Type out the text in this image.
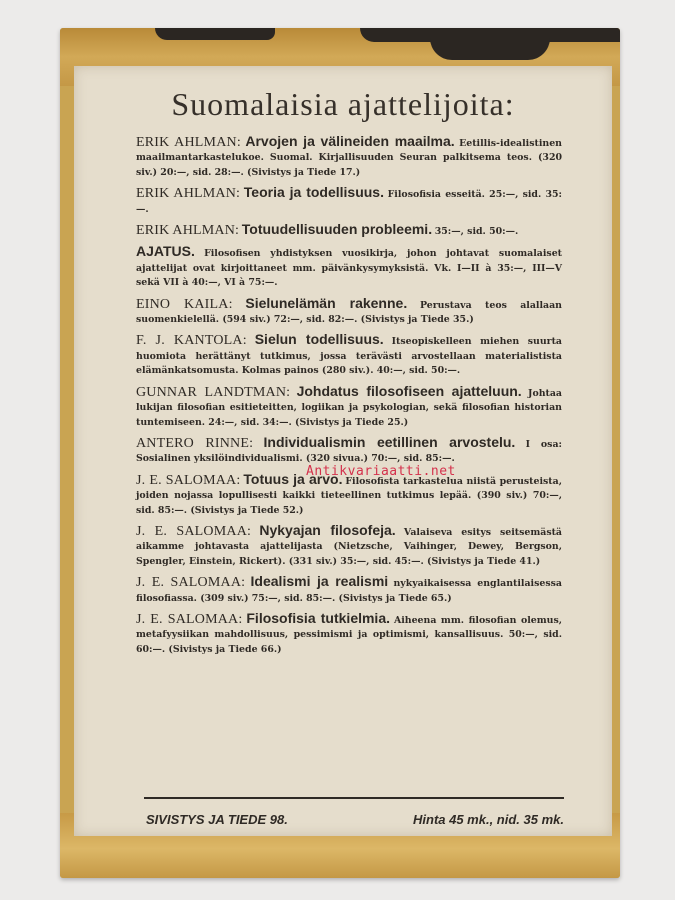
Suomalaisia ajattelijoita:
ERIK AHLMAN: Arvojen ja välineiden maailma. Eetillis-idealistinen maailmantarkastelukoe. Suomal. Kirjallisuuden Seuran palkitsema teos. (320 siv.) 20:—, sid. 28:—. (Sivistys ja Tiede 17.)
ERIK AHLMAN: Teoria ja todellisuus. Filosofisia esseitä. 25:—, sid. 35:—.
ERIK AHLMAN: Totuudellisuuden probleemi. 35:—, sid. 50:—.
AJATUS. Filosofisen yhdistyksen vuosikirja, johon johtavat suomalaiset ajattelijat ovat kirjoittaneet mm. päivänkysymyksistä. Vk. I—II à 35:—, III—V sekä VII à 40:—, VI à 75:—.
EINO KAILA: Sielunelämän rakenne. Perustava teos alallaan suomenkielellä. (594 siv.) 72:—, sid. 82:—. (Sivistys ja Tiede 35.)
F. J. KANTOLA: Sielun todellisuus. Itseopiskelleen miehen suurta huomiota herättänyt tutkimus, jossa terävästi arvostellaan materialistista elämänkatsomusta. Kolmas painos (280 siv.). 40:—, sid. 50:—.
GUNNAR LANDTMAN: Johdatus filosofiseen ajatteluun. Johtaa lukijan filosofian esitieteitten, logiikan ja psykologian, sekä filosofian historian tuntemiseen. 24:—, sid. 34:—. (Sivistys ja Tiede 25.)
ANTERO RINNE: Individualismin eetillinen arvostelu. I osa: Sosialinen yksilöindividualismi. (320 sivua.) 70:—, sid. 85:—.
J. E. SALOMAA: Totuus ja arvo. Filosofista tarkastelua niistä perusteista, joiden nojassa lopullisesti kaikki tieteellinen tutkimus lepää. (390 siv.) 70:—, sid. 85:—. (Sivistys ja Tiede 52.)
J. E. SALOMAA: Nykyajan filosofeja. Valaiseva esitys seitsemästä aikamme johtavasta ajattelijasta (Nietzsche, Vaihinger, Dewey, Bergson, Spengler, Einstein, Rickert). (331 siv.) 35:—, sid. 45:—. (Sivistys ja Tiede 41.)
J. E. SALOMAA: Idealismi ja realismi nykyaikaisessa englantilaisessa filosofiassa. (309 siv.) 75:—, sid. 85:—. (Sivistys ja Tiede 65.)
J. E. SALOMAA: Filosofisia tutkielmia. Aiheena mm. filosofian olemus, metafyysiikan mahdollisuus, pessimismi ja optimismi, kansallisuus. 50:—, sid. 60:—. (Sivistys ja Tiede 66.)
SIVISTYS JA TIEDE 98.	Hinta 45 mk., nid. 35 mk.
Antikvariaatti.net
